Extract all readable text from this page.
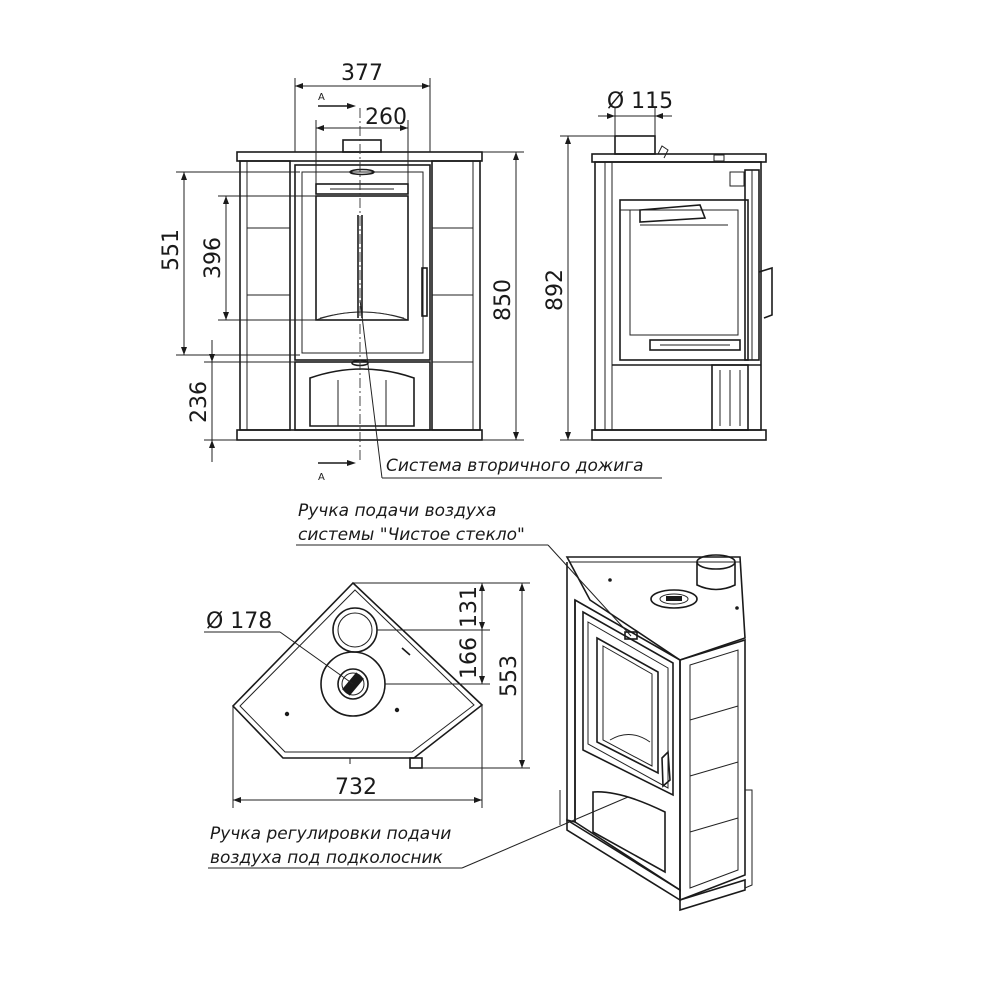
377
260
A
A
551 396
236
850
Система вторичного дожига
Ø 115
892
Ø 178	131
166 553
732
Ручка подачи воздуха
системы "Чистое стекло"
Ручка регулировки подачи
воздуха под подколосник
